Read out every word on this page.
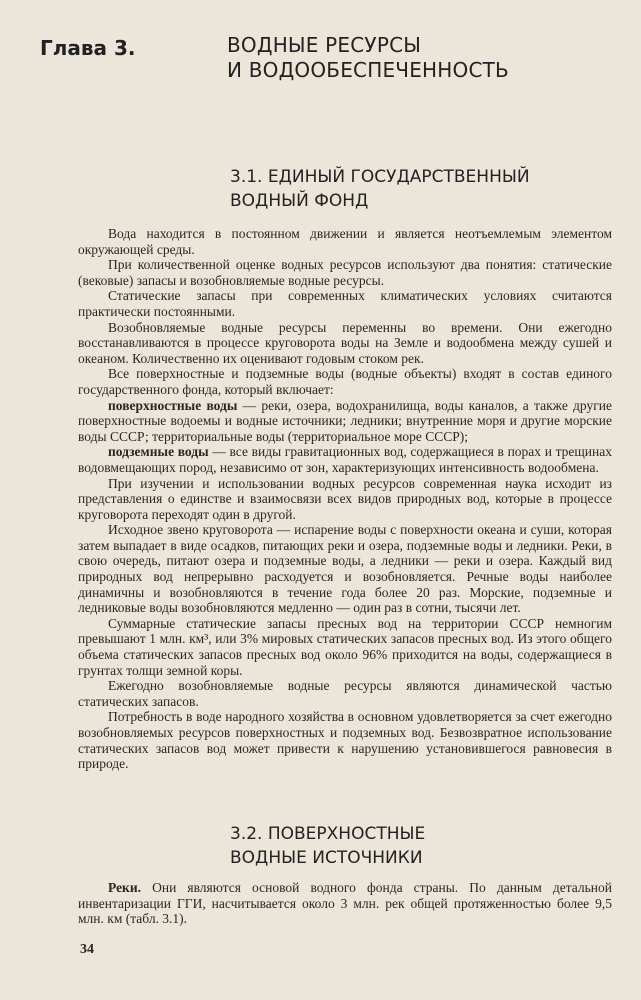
Глава 3.	ВОДНЫЕ РЕСУРСЫ
И ВОДООБЕСПЕЧЕННОСТЬ
3.1. ЕДИНЫЙ ГОСУДАРСТВЕННЫЙ
ВОДНЫЙ ФОНД

Вода находится в постоянном движении и является неотъемлемым элементом окружающей среды.

При количественной оценке водных ресурсов используют два понятия: статические (вековые) запасы и возобновляемые водные ресурсы.

Статические запасы при современных климатических условиях считаются практически постоянными.

Возобновляемые водные ресурсы переменны во времени. Они ежегодно восстанавливаются в процессе круговорота воды на Земле и водообмена между сушей и океаном. Количественно их оценивают годовым стоком рек.

Все поверхностные и подземные воды (водные объекты) входят в состав единого государственного фонда, который включает:

поверхностные воды — реки, озера, водохранилища, воды каналов, а также другие поверхностные водоемы и водные источники; ледники; внутренние моря и другие морские воды СССР; территориальные воды (территориальное море СССР);

подземные воды — все виды гравитационных вод, содержащиеся в порах и трещинах водовмещающих пород, независимо от зон, характеризующих интенсивность водообмена.

При изучении и использовании водных ресурсов современная наука исходит из представления о единстве и взаимосвязи всех видов природных вод, которые в процессе круговорота переходят один в другой.

Исходное звено круговорота — испарение воды с поверхности океана и суши, которая затем выпадает в виде осадков, питающих реки и озера, подземные воды и ледники. Реки, в свою очередь, питают озера и подземные воды, а ледники — реки и озера. Каждый вид природных вод непрерывно расходуется и возобновляется. Речные воды наиболее динамичны и возобновляются в течение года более 20 раз. Морские, подземные и ледниковые воды возобновляются медленно — один раз в сотни, тысячи лет.

Суммарные статические запасы пресных вод на территории СССР немногим превышают 1 млн. км³, или 3% мировых статических запасов пресных вод. Из этого общего объема статических запасов пресных вод около 96% приходится на воды, содержащиеся в грунтах толщи земной коры.

Ежегодно возобновляемые водные ресурсы являются динамической частью статических запасов.

Потребность в воде народного хозяйства в основном удовлетворяется за счет ежегодно возобновляемых ресурсов поверхностных и подземных вод. Безвозвратное использование статических запасов вод может привести к нарушению установившегося равновесия в природе.

3.2. ПОВЕРХНОСТНЫЕ
ВОДНЫЕ ИСТОЧНИКИ

Реки. Они являются основой водного фонда страны. По данным детальной инвентаризации ГГИ, насчитывается около 3 млн. рек общей протяженностью более 9,5 млн. км (табл. 3.1).

34
